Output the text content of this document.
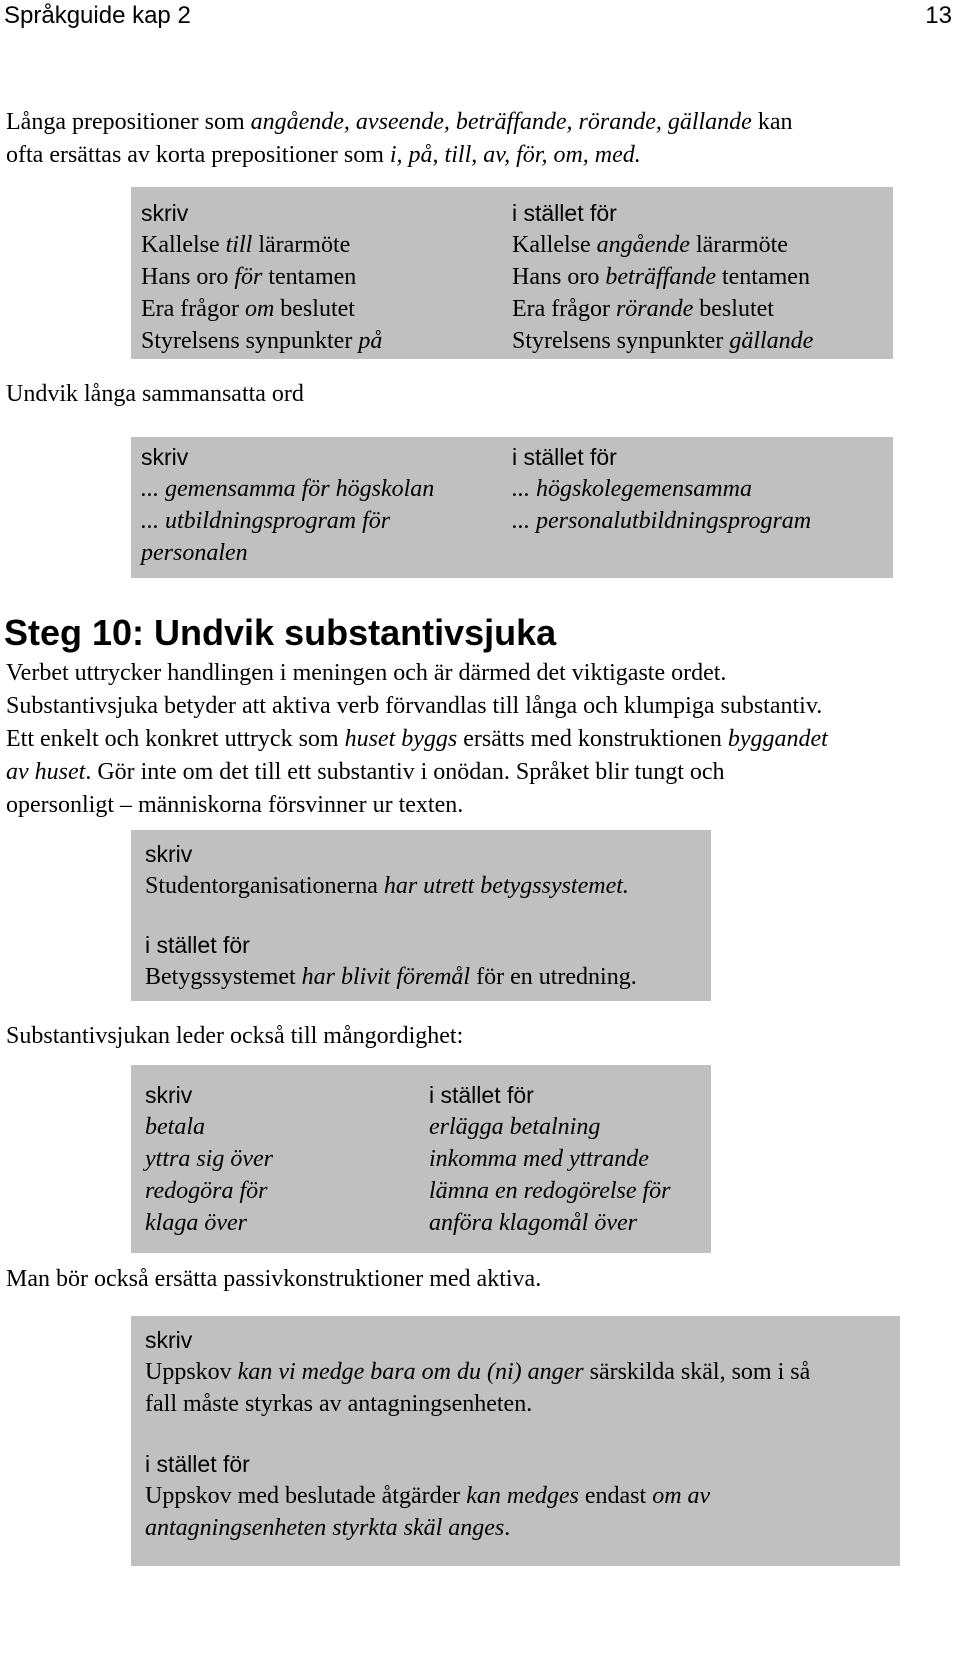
Språkguide kap 2	13
Långa prepositioner som angående, avseende, beträffande, rörande, gällande kan
ofta ersättas av korta prepositioner som i, på, till, av, för, om, med.
skriv
Kallelse till lärarmöte
Hans oro för tentamen
Era frågor om beslutet
Styrelsens synpunkter på
i stället för
Kallelse angående lärarmöte
Hans oro beträffande tentamen
Era frågor rörande beslutet
Styrelsens synpunkter gällande
Undvik långa sammansatta ord
skriv
... gemensamma för högskolan
... utbildningsprogram för
personalen
i stället för
... högskolegemensamma
... personalutbildningsprogram
Steg 10: Undvik substantivsjuka
Verbet uttrycker handlingen i meningen och är därmed det viktigaste ordet.
Substantivsjuka betyder att aktiva verb förvandlas till långa och klumpiga substantiv.
Ett enkelt och konkret uttryck som huset byggs ersätts med konstruktionen byggandet
av huset. Gör inte om det till ett substantiv i onödan. Språket blir tungt och
opersonligt – människorna försvinner ur texten.
skriv
Studentorganisationerna har utrett betygssystemet.
i stället för
Betygssystemet har blivit föremål för en utredning.
Substantivsjukan leder också till mångordighet:
skriv
betala
yttra sig över
redogöra för
klaga över
i stället för
erlägga betalning
inkomma med yttrande
lämna en redogörelse för
anföra klagomål över
Man bör också ersätta passivkonstruktioner med aktiva.
skriv
Uppskov kan vi medge bara om du (ni) anger särskilda skäl, som i så
fall måste styrkas av antagningsenheten.
i stället för
Uppskov med beslutade åtgärder kan medges endast om av
antagningsenheten styrkta skäl anges.
